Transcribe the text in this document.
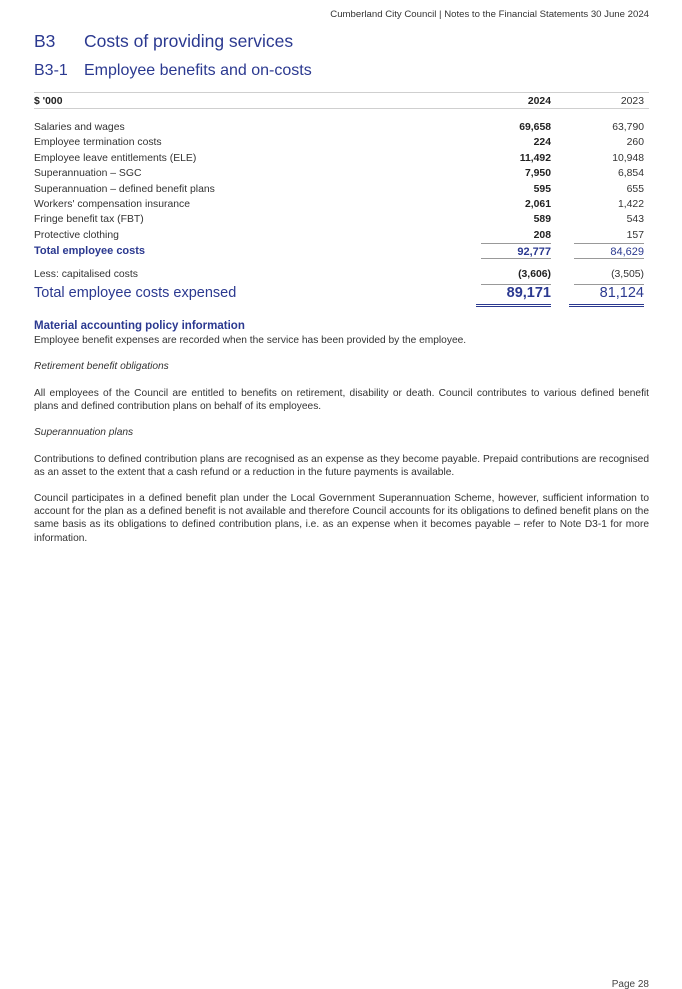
Cumberland City Council | Notes to the Financial Statements 30 June 2024
B3	Costs of providing services
B3-1	Employee benefits and on-costs
$ '000	2024	2023
Salaries and wages	69,658	63,790
Employee termination costs	224	260
Employee leave entitlements (ELE)	11,492	10,948
Superannuation – SGC	7,950	6,854
Superannuation – defined benefit plans	595	655
Workers' compensation insurance	2,061	1,422
Fringe benefit tax (FBT)	589	543
Protective clothing	208	157
Total employee costs	92,777	84,629
Less: capitalised costs	(3,606)	(3,505)
Total employee costs expensed	89,171	81,124
Material accounting policy information
Employee benefit expenses are recorded when the service has been provided by the employee.
Retirement benefit obligations
All employees of the Council are entitled to benefits on retirement, disability or death. Council contributes to various defined benefit plans and defined contribution plans on behalf of its employees.
Superannuation plans
Contributions to defined contribution plans are recognised as an expense as they become payable. Prepaid contributions are recognised as an asset to the extent that a cash refund or a reduction in the future payments is available.
Council participates in a defined benefit plan under the Local Government Superannuation Scheme, however, sufficient information to account for the plan as a defined benefit is not available and therefore Council accounts for its obligations to defined benefit plans on the same basis as its obligations to defined contribution plans, i.e. as an expense when it becomes payable – refer to Note D3-1 for more information.
Page 28
